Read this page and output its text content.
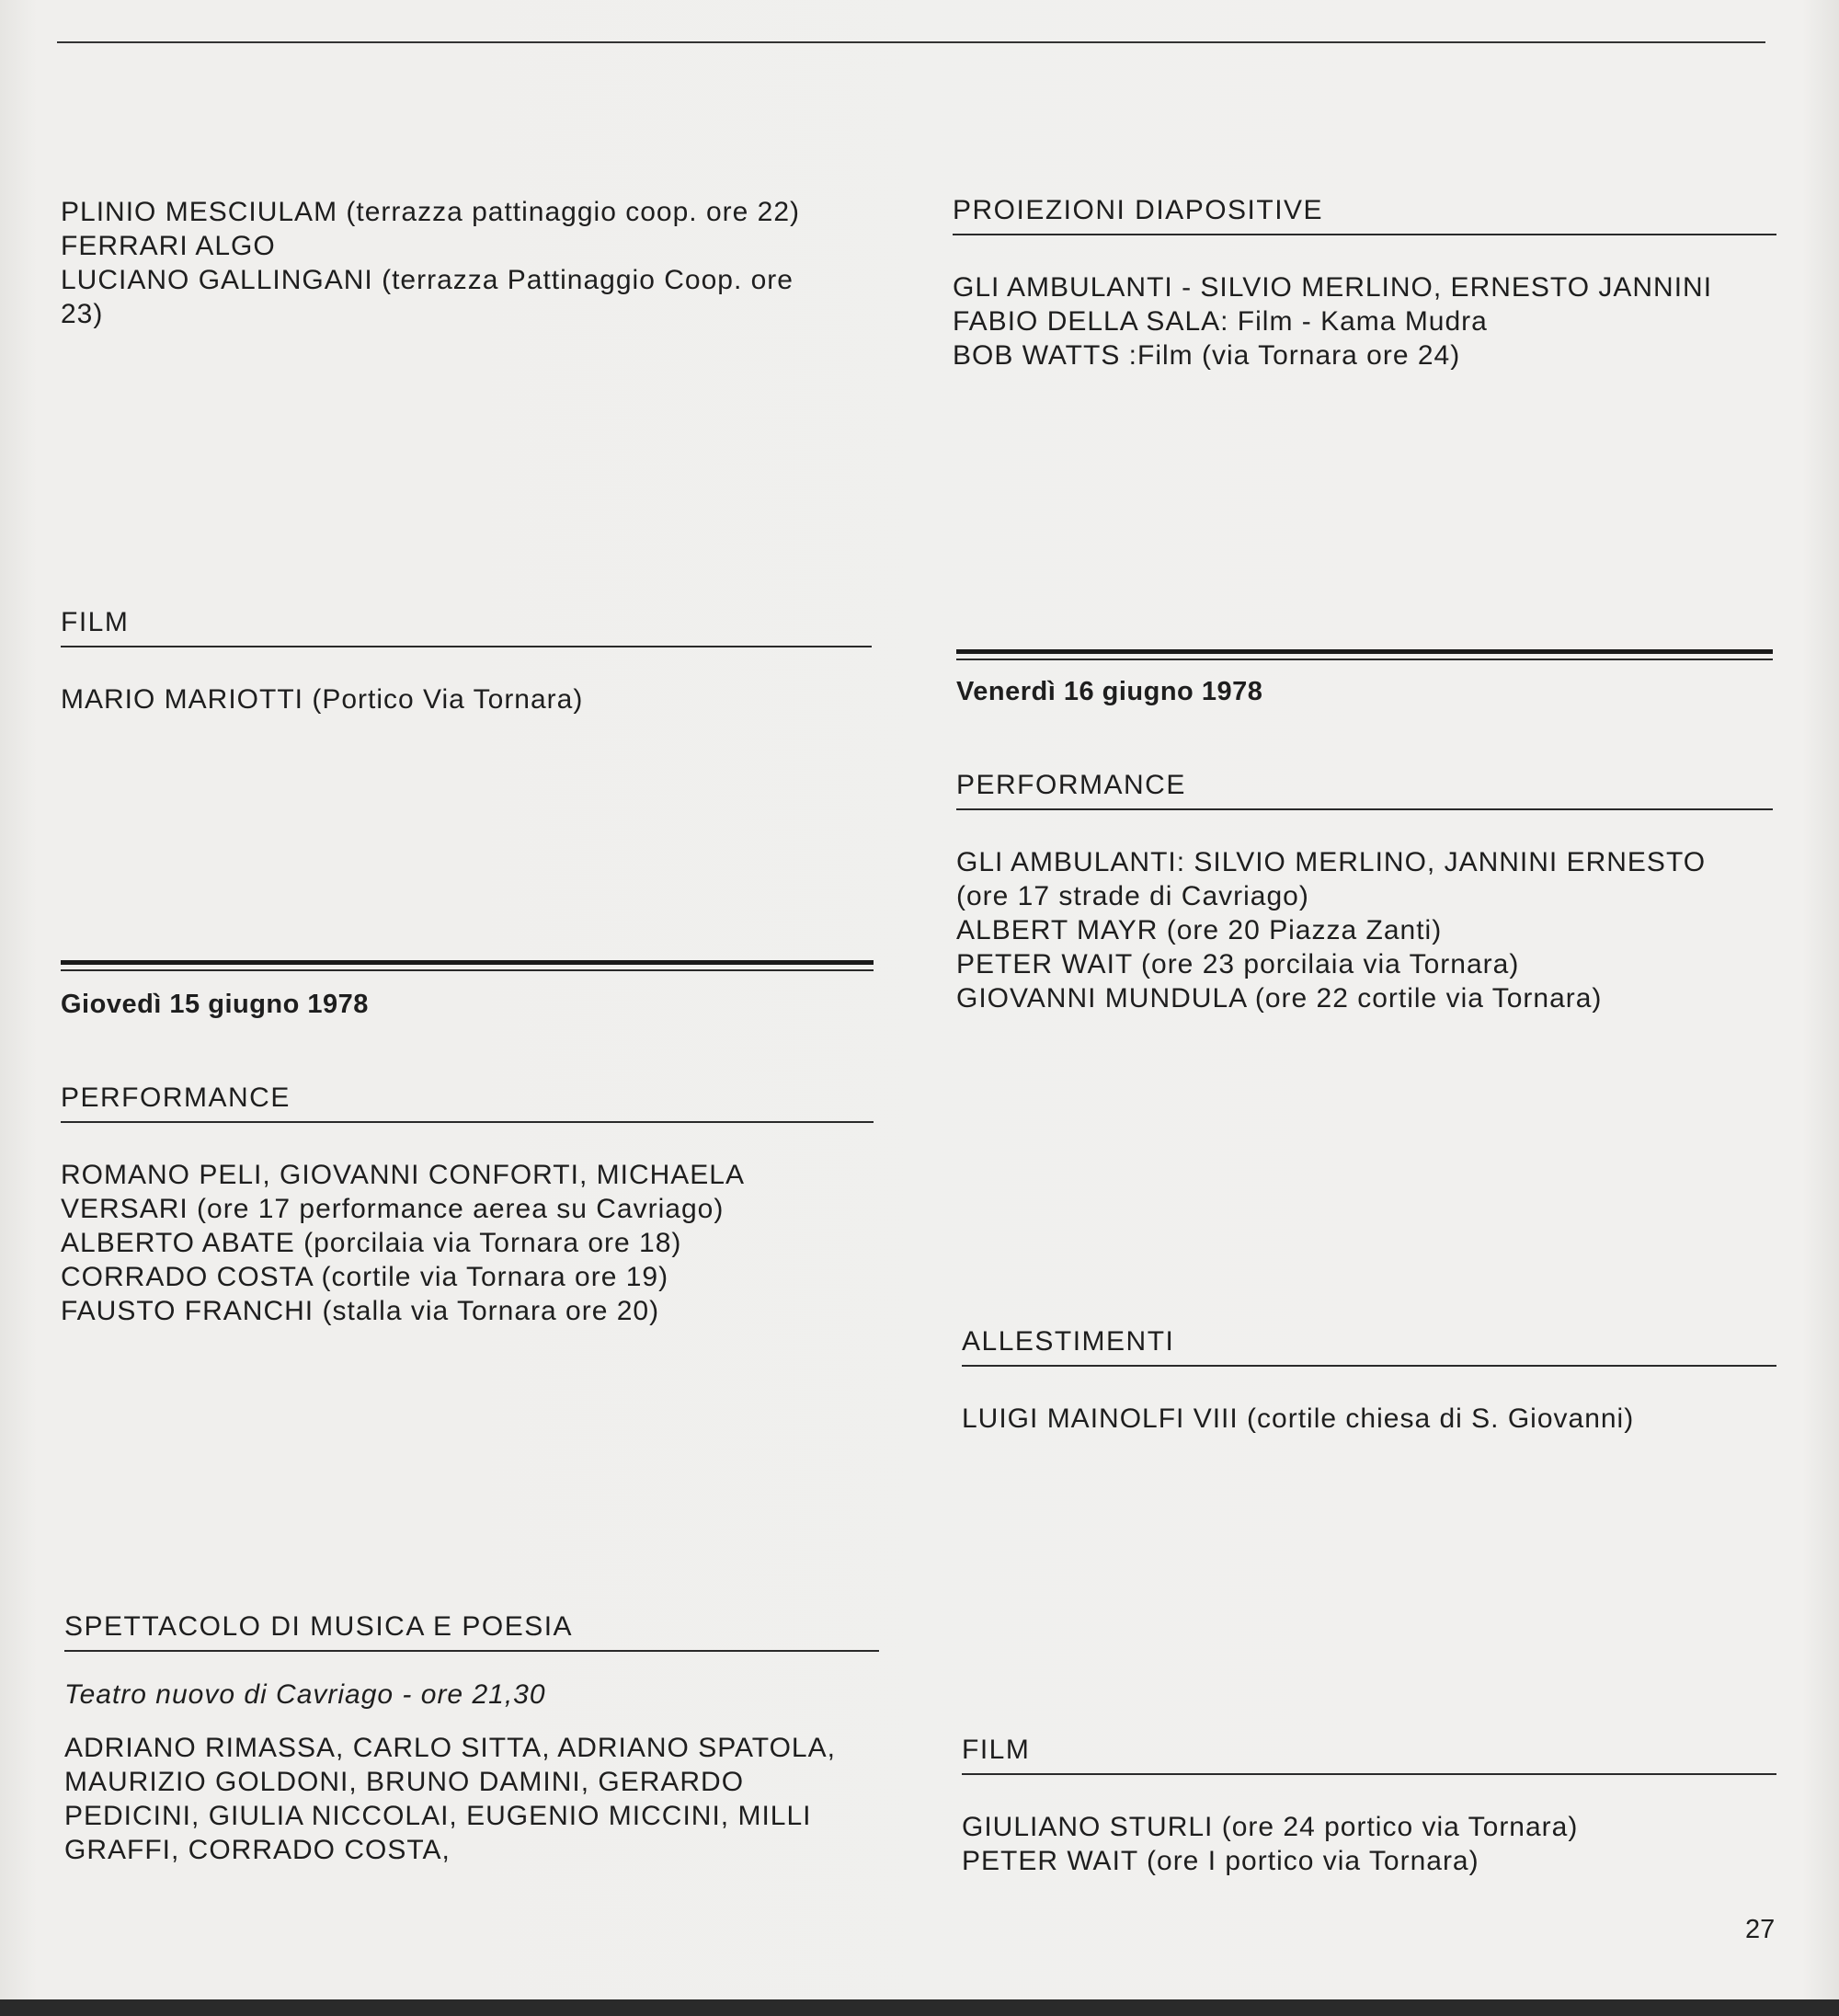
PLINIO MESCIULAM (terrazza pattinaggio coop. ore 22)
FERRARI ALGO
LUCIANO GALLINGANI (terrazza Pattinaggio Coop. ore
23)
FILM
MARIO MARIOTTI (Portico Via Tornara)
Giovedì 15 giugno 1978
PERFORMANCE
ROMANO PELI, GIOVANNI CONFORTI, MICHAELA
VERSARI (ore 17 performance aerea su Cavriago)
ALBERTO ABATE (porcilaia via Tornara ore 18)
CORRADO COSTA (cortile via Tornara ore 19)
FAUSTO FRANCHI (stalla via Tornara ore 20)
SPETTACOLO DI MUSICA E POESIA
Teatro nuovo di Cavriago - ore 21,30
ADRIANO RIMASSA, CARLO SITTA, ADRIANO SPATOLA,
MAURIZIO GOLDONI, BRUNO DAMINI, GERARDO
PEDICINI, GIULIA NICCOLAI, EUGENIO MICCINI, MILLI
GRAFFI, CORRADO COSTA,
PROIEZIONI DIAPOSITIVE
GLI AMBULANTI - SILVIO MERLINO, ERNESTO JANNINI
FABIO DELLA SALA: Film - Kama Mudra
BOB WATTS :Film (via Tornara ore 24)
Venerdì 16 giugno 1978
PERFORMANCE
GLI AMBULANTI: SILVIO MERLINO, JANNINI ERNESTO
(ore 17 strade di Cavriago)
ALBERT MAYR (ore 20 Piazza Zanti)
PETER WAIT (ore 23 porcilaia via Tornara)
GIOVANNI MUNDULA (ore 22 cortile via Tornara)
ALLESTIMENTI
LUIGI MAINOLFI VIII (cortile chiesa di S. Giovanni)
FILM
GIULIANO STURLI (ore 24 portico via Tornara)
PETER WAIT (ore I portico via Tornara)
27
